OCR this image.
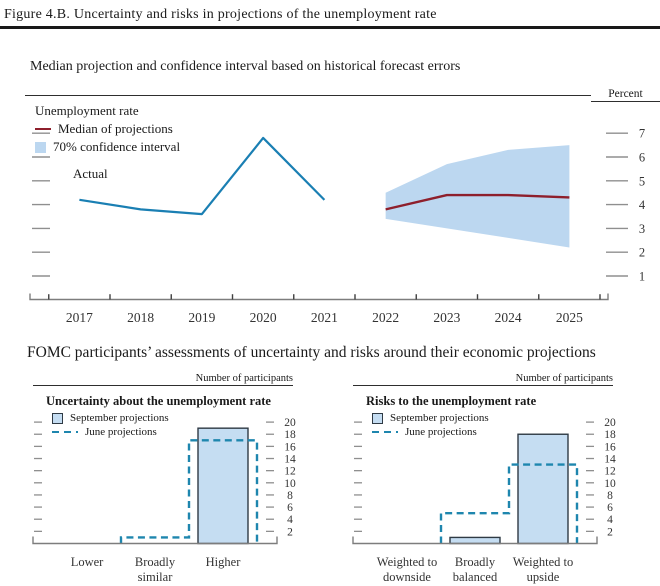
1
2
3
4
5
6
7
2017	2018	2019	2020	2021	2022	2023	2024	2025
2
4
6
8
10
12
14
16
18
20
Lower	Broadly
similar
Higher
2
4
6
8
10
12
14
16
18
20
Weighted to
downside
Broadly
balanced
Weighted to
upside
Figure 4.B. Uncertainty and risks in projections of the unemployment rate
Median projection and confidence interval based on historical forecast errors
Percent
Unemployment rate
Median of projections
70% confidence interval
Actual
FOMC participants’ assessments of uncertainty and risks around their economic projections
Number of participants	Number of participants
Uncertainty about the unemployment rate	Risks to the unemployment rate
September projections
June projections
September projections
June projections
